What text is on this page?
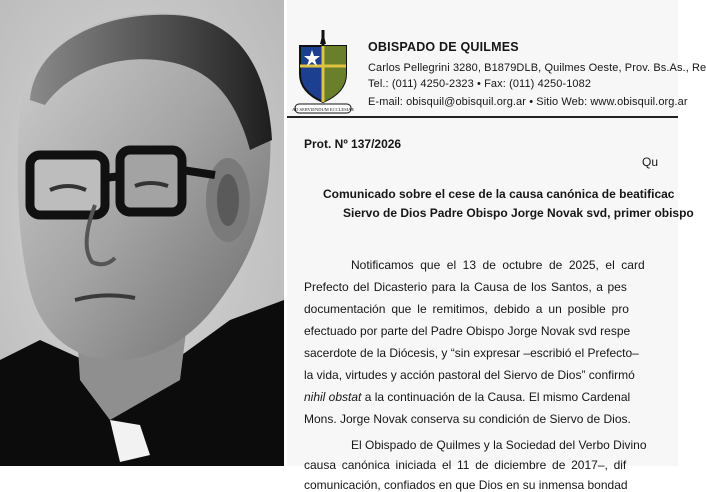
AD SERVIENDUM ECCLESIAE
OBISPADO DE QUILMES
Carlos Pellegrini 3280, B1879DLB, Quilmes Oeste, Prov. Bs.As., Re
Tel.: (011) 4250-2323 • Fax: (011) 4250-1082
E-mail: obisquil@obisquil.org.ar • Sitio Web: www.obisquil.org.ar
Prot. Nº 137/2026
Qu
Comunicado sobre el cese de la causa canónica de beatificac
Siervo de Dios Padre Obispo Jorge Novak svd, primer obispo
Notificamos que el 13 de octubre de 2025, el card
Prefecto del Dicasterio para la Causa de los Santos, a pes
documentación que le remitimos, debido a un posible pro
efectuado por parte del Padre Obispo Jorge Novak svd respe
sacerdote de la Diócesis, y “sin expresar –escribió el Prefecto–
la vida, virtudes y acción pastoral del Siervo de Dios” confirmó
nihil obstat a la continuación de la Causa. El mismo Cardenal
Mons. Jorge Novak conserva su condición de Siervo de Dios.
El Obispado de Quilmes y la Sociedad del Verbo Divino
causa canónica iniciada el 11 de diciembre de 2017–, dif
comunicación, confiados en que Dios en su inmensa bondad
